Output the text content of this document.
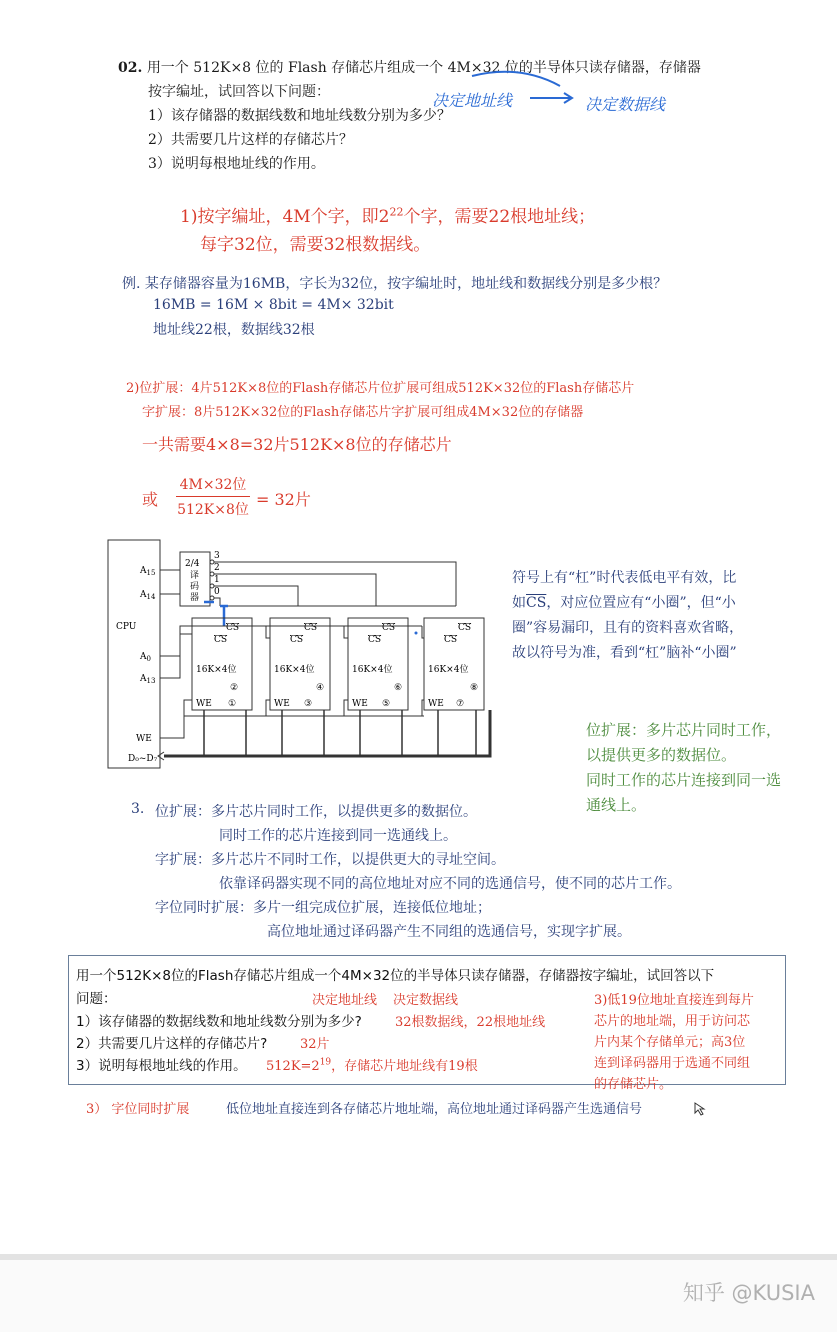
02. 用一个 512K×8 位的 Flash 存储芯片组成一个 4M×32 位的半导体只读存储器，存储器
按字编址，试回答以下问题：
1）该存储器的数据线数和地址线数分别为多少？
2）共需要几片这样的存储芯片？
3）说明每根地址线的作用。
决定地址线	决定数据线
1)按字编址，4M个字，即$2^{22}$个字，需要22根地址线；
每字32位，需要32根数据线。
例. 某存储器容量为16MB，字长为32位，按字编址时，地址线和数据线分别是多少根？
16MB = 16M × 8bit = 4M× 32bit
地址线22根，数据线32根
2)位扩展：4片512K×8位的Flash存储芯片位扩展可组成512K×32位的Flash存储芯片
字扩展：8片512K×32位的Flash存储芯片字扩展可组成4M×32位的存储器
一共需要4×8=32片512K×8位的存储芯片
或
4M×32位
512K×8位
= 32片
CPU
$A_{15}$
$A_{14}$
$A_0$
$A_{13}$
WE
D₀~D₇
2/4
译
码
器
3
2
1
0
CS
CS
16K×4位
WE
②
①
CS
CS
16K×4位
WE
④
③
CS
CS
16K×4位
WE
⑥
⑤
CS
CS
16K×4位
WE
⑧
⑦
符号上有“杠”时代表低电平有效，比
如$\overline{CS}$，对应位置应有“小圈”，但“小
圈”容易漏印，且有的资料喜欢省略，
故以符号为准，看到“杠”脑补“小圈”
位扩展：多片芯片同时工作，
以提供更多的数据位。
同时工作的芯片连接到同一选
通线上。
3. 位扩展：多片芯片同时工作，以提供更多的数据位。
同时工作的芯片连接到同一选通线上。
字扩展：多片芯片不同时工作，以提供更大的寻址空间。
依靠译码器实现不同的高位地址对应不同的选通信号，使不同的芯片工作。
字位同时扩展：多片一组完成位扩展，连接低位地址；
高位地址通过译码器产生不同组的选通信号，实现字扩展。
用一个512K×8位的Flash存储芯片组成一个4M×32位的半导体只读存储器，存储器按字编址，试回答以下
问题：	决定地址线 决定数据线
1）该存储器的数据线数和地址线数分别为多少?	32根数据线，22根地址线
2）共需要几片这样的存储芯片?	32片
3）说明每根地址线的作用。 $512K=2^{19}$，存储芯片地址线有19根
3)低19位地址直接连到每片
芯片的地址端，用于访问芯
片内某个存储单元；高3位
连到译码器用于选通不同组
的存储芯片。
3） 字位同时扩展	低位地址直接连到各存储芯片地址端，高位地址通过译码器产生选通信号
知乎 @KUSIA
